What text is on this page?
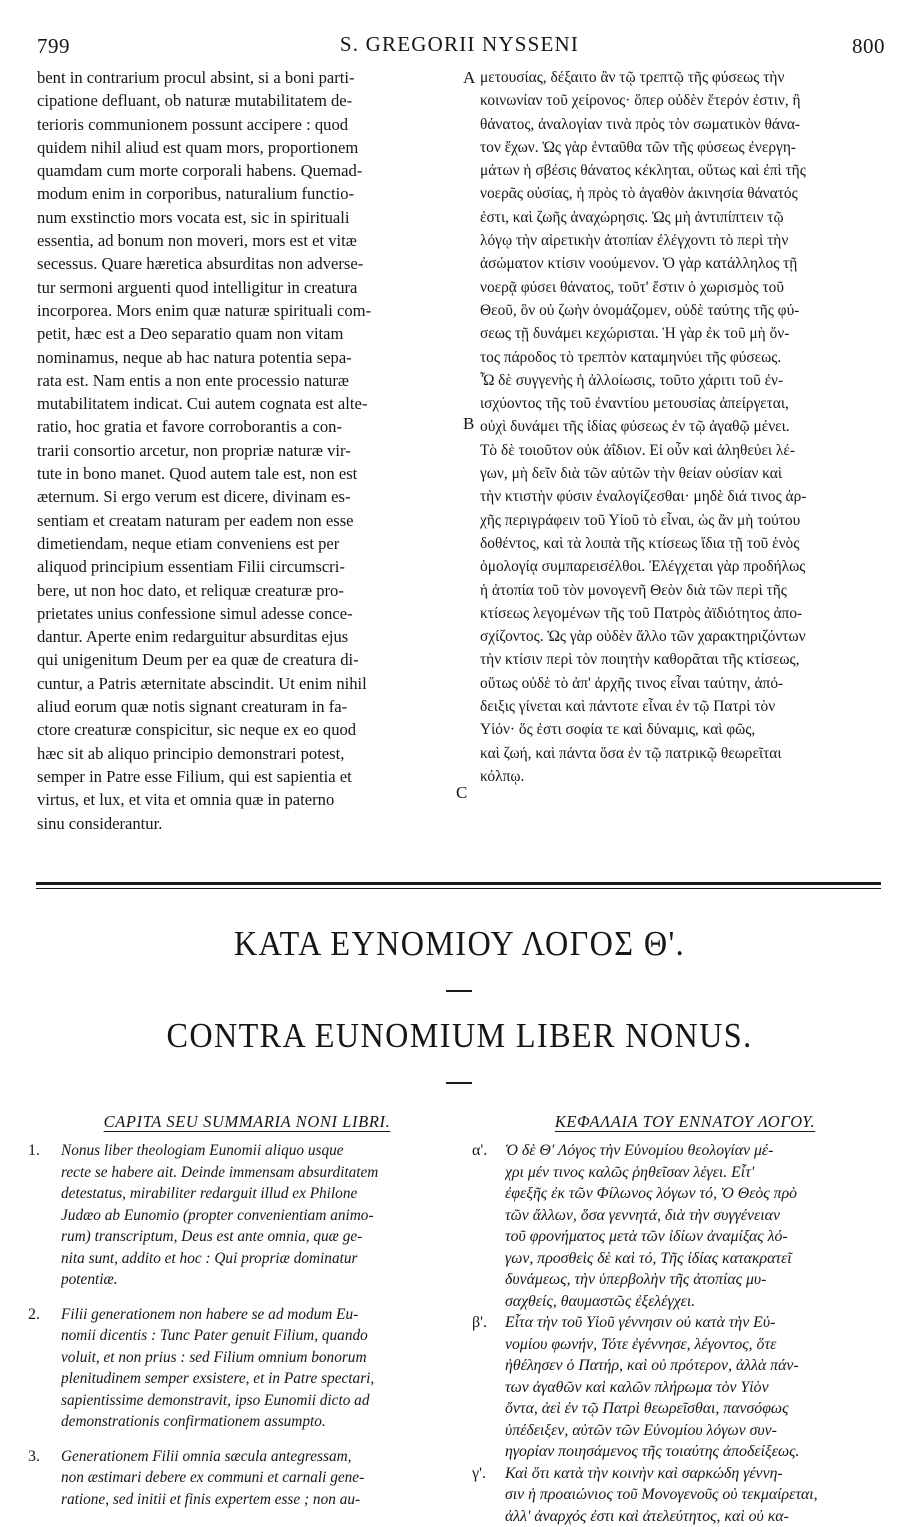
799	S. GREGORII NYSSENI	800
bent in contrarium procul absint, si a boni parti-
cipatione defluant, ob naturæ mutabilitatem de-
terioris communionem possunt accipere : quod
quidem nihil aliud est quam mors, proportionem
quamdam cum morte corporali habens. Quemad-
modum enim in corporibus, naturalium functio-
num exstinctio mors vocata est, sic in spirituali
essentia, ad bonum non moveri, mors est et vitæ
secessus. Quare hæretica absurditas non adverse-
tur sermoni arguenti quod intelligitur in creatura
incorporea. Mors enim quæ naturæ spirituali com-
petit, hæc est a Deo separatio quam non vitam
nominamus, neque ab hac natura potentia sepa-
rata est. Nam entis a non ente processio naturæ
mutabilitatem indicat. Cui autem cognata est alte-
ratio, hoc gratia et favore corroborantis a con-
trarii consortio arcetur, non propriæ naturæ vir-
tute in bono manet. Quod autem tale est, non est
æternum. Si ergo verum est dicere, divinam es-
sentiam et creatam naturam per eadem non esse
dimetiendam, neque etiam conveniens est per
aliquod principium essentiam Filii circumscri-
bere, ut non hoc dato, et reliquæ creaturæ pro-
prietates unius confessione simul adesse conce-
dantur. Aperte enim redarguitur absurditas ejus
qui unigenitum Deum per ea quæ de creatura di-
cuntur, a Patris æternitate abscindit. Ut enim nihil
aliud eorum quæ notis signant creaturam in fa-
ctore creaturæ conspicitur, sic neque ex eo quod
hæc sit ab aliquo principio demonstrari potest,
semper in Patre esse Filium, qui est sapientia et
virtus, et lux, et vita et omnia quæ in paterno
sinu considerantur.
μετουσίας, δέξαιτο ἂν τῷ τρεπτῷ τῆς φύσεως τὴν
κοινωνίαν τοῦ χείρονος· ὅπερ οὐδὲν ἕτερόν ἐστιν, ἢ
θάνατος, ἀναλογίαν τινὰ πρὸς τὸν σωματικὸν θάνα-
τον ἔχων. Ὡς γὰρ ἐνταῦθα τῶν τῆς φύσεως ἐνεργη-
μάτων ἡ σβέσις θάνατος κέκληται, οὕτως καὶ ἐπὶ τῆς
νοερᾶς οὐσίας, ἡ πρὸς τὸ ἀγαθὸν ἀκινησία θάνατός
ἐστι, καὶ ζωῆς ἀναχώρησις. Ὡς μὴ ἀντιπίπτειν τῷ
λόγῳ τὴν αἱρετικὴν ἀτοπίαν ἐλέγχοντι τὸ περὶ τὴν
ἀσώματον κτίσιν νοούμενον. Ὁ γὰρ κατάλληλος τῇ
νοερᾷ φύσει θάνατος, τοῦτ' ἔστιν ὁ χωρισμὸς τοῦ
Θεοῦ, ὃν οὐ ζωὴν ὀνομάζομεν, οὐδὲ ταύτης τῆς φύ-
σεως τῇ δυνάμει κεχώρισται. Ἡ γὰρ ἐκ τοῦ μὴ ὄν-
τος πάροδος τὸ τρεπτὸν καταμηνύει τῆς φύσεως.
Ὧ δὲ συγγενὴς ἡ ἀλλοίωσις, τοῦτο χάριτι τοῦ ἐν-
ισχύοντος τῆς τοῦ ἐναντίου μετουσίας ἀπείργεται,
οὐχὶ δυνάμει τῆς ἰδίας φύσεως ἐν τῷ ἀγαθῷ μένει.
Τὸ δὲ τοιοῦτον οὐκ ἀΐδιον. Εἰ οὖν καὶ ἀληθεύει λέ-
γων, μὴ δεῖν διὰ τῶν αὐτῶν τὴν θείαν οὐσίαν καὶ
τὴν κτιστὴν φύσιν ἐναλογίζεσθαι· μηδὲ διά τινος ἀρ-
χῆς περιγράφειν τοῦ Υἱοῦ τὸ εἶναι, ὡς ἂν μὴ τούτου
δοθέντος, καὶ τὰ λοιπὰ τῆς κτίσεως ἴδια τῇ τοῦ ἑνὸς
ὁμολογίᾳ συμπαρεισέλθοι. Ἐλέγχεται γὰρ προδήλως
ἡ ἀτοπία τοῦ τὸν μονογενῆ Θεὸν διὰ τῶν περὶ τῆς
κτίσεως λεγομένων τῆς τοῦ Πατρὸς ἀϊδιότητος ἀπο-
σχίζοντος. Ὡς γὰρ οὐδὲν ἄλλο τῶν χαρακτηριζόντων
τὴν κτίσιν περὶ τὸν ποιητὴν καθορᾶται τῆς κτίσεως,
οὕτως οὐδὲ τὸ ἀπ' ἀρχῆς τινος εἶναι ταύτην, ἀπό-
δειξις γίνεται καὶ πάντοτε εἶναι ἐν τῷ Πατρὶ τὸν
Υἱόν· ὅς ἐστι σοφία τε καὶ δύναμις, καὶ φῶς,
καὶ ζωή, καὶ πάντα ὅσα ἐν τῷ πατρικῷ θεωρεῖται
κόλπῳ.
A
B
C
ΚΑΤΑ ΕΥΝΟΜΙΟΥ ΛΟΓΟΣ Θ'.
CONTRA EUNOMIUM LIBER NONUS.
CAPITA SEU SUMMARIA NONI LIBRI.	ΚΕΦΑΛΑΙΑ ΤΟΥ ΕΝΝΑΤΟΥ ΛΟΓΟΥ.
1. Nonus liber theologiam Eunomii aliquo usque
recte se habere ait. Deinde immensam absurditatem
detestatus, mirabiliter redarguit illud ex Philone
Judæo ab Eunomio (propter convenientiam animo-
rum) transcriptum, Deus est ante omnia, quæ ge-
nita sunt, addito et hoc : Qui propriæ dominatur
potentiæ.
2. Filii generationem non habere se ad modum Eu-
nomii dicentis : Tunc Pater genuit Filium, quando
voluit, et non prius : sed Filium omnium bonorum
plenitudinem semper exsistere, et in Patre spectari,
sapientissime demonstravit, ipso Eunomii dicto ad
demonstrationis confirmationem assumpto.
3. Generationem Filii omnia sæcula antegressam,
non æstimari debere ex communi et carnali gene-
ratione, sed initii et finis expertem esse ; non au-
α'. Ὁ δὲ Θ' Λόγος τὴν Εὐνομίου θεολογίαν μέ-
χρι μέν τινος καλῶς ῥηθεῖσαν λέγει. Εἶτ'
ἐφεξῆς ἐκ τῶν Φίλωνος λόγων τό, Ὁ Θεὸς πρὸ
τῶν ἄλλων, ὅσα γεννητά, διὰ τὴν συγγένειαν
τοῦ φρονήματος μετὰ τῶν ἰδίων ἀναμίξας λό-
γων, προσθεὶς δὲ καὶ τό, Τῆς ἰδίας κατακρατεῖ
δυνάμεως, τὴν ὑπερβολὴν τῆς ἀτοπίας μυ-
σαχθείς, θαυμαστῶς ἐξελέγχει.
β'. Εἶτα τὴν τοῦ Υἱοῦ γέννησιν οὐ κατὰ τὴν Εὐ-
νομίου φωνήν, Τότε ἐγέννησε, λέγοντος, ὅτε
ἠθέλησεν ὁ Πατήρ, καὶ οὐ πρότερον, ἀλλὰ πάν-
των ἀγαθῶν καὶ καλῶν πλήρωμα τὸν Υἱὸν
ὄντα, ἀεὶ ἐν τῷ Πατρὶ θεωρεῖσθαι, πανσόφως
ὑπέδειξεν, αὐτῶν τῶν Εὐνομίου λόγων συν-
ηγορίαν ποιησάμενος τῆς τοιαύτης ἀποδείξεως.
γ'. Καὶ ὅτι κατὰ τὴν κοινὴν καὶ σαρκώδη γέννη-
σιν ἡ προαιώνιος τοῦ Μονογενοῦς οὐ τεκμαίρεται,
ἀλλ' ἀναρχός ἐστι καὶ ἀτελεύτητος, καὶ οὐ κα-
